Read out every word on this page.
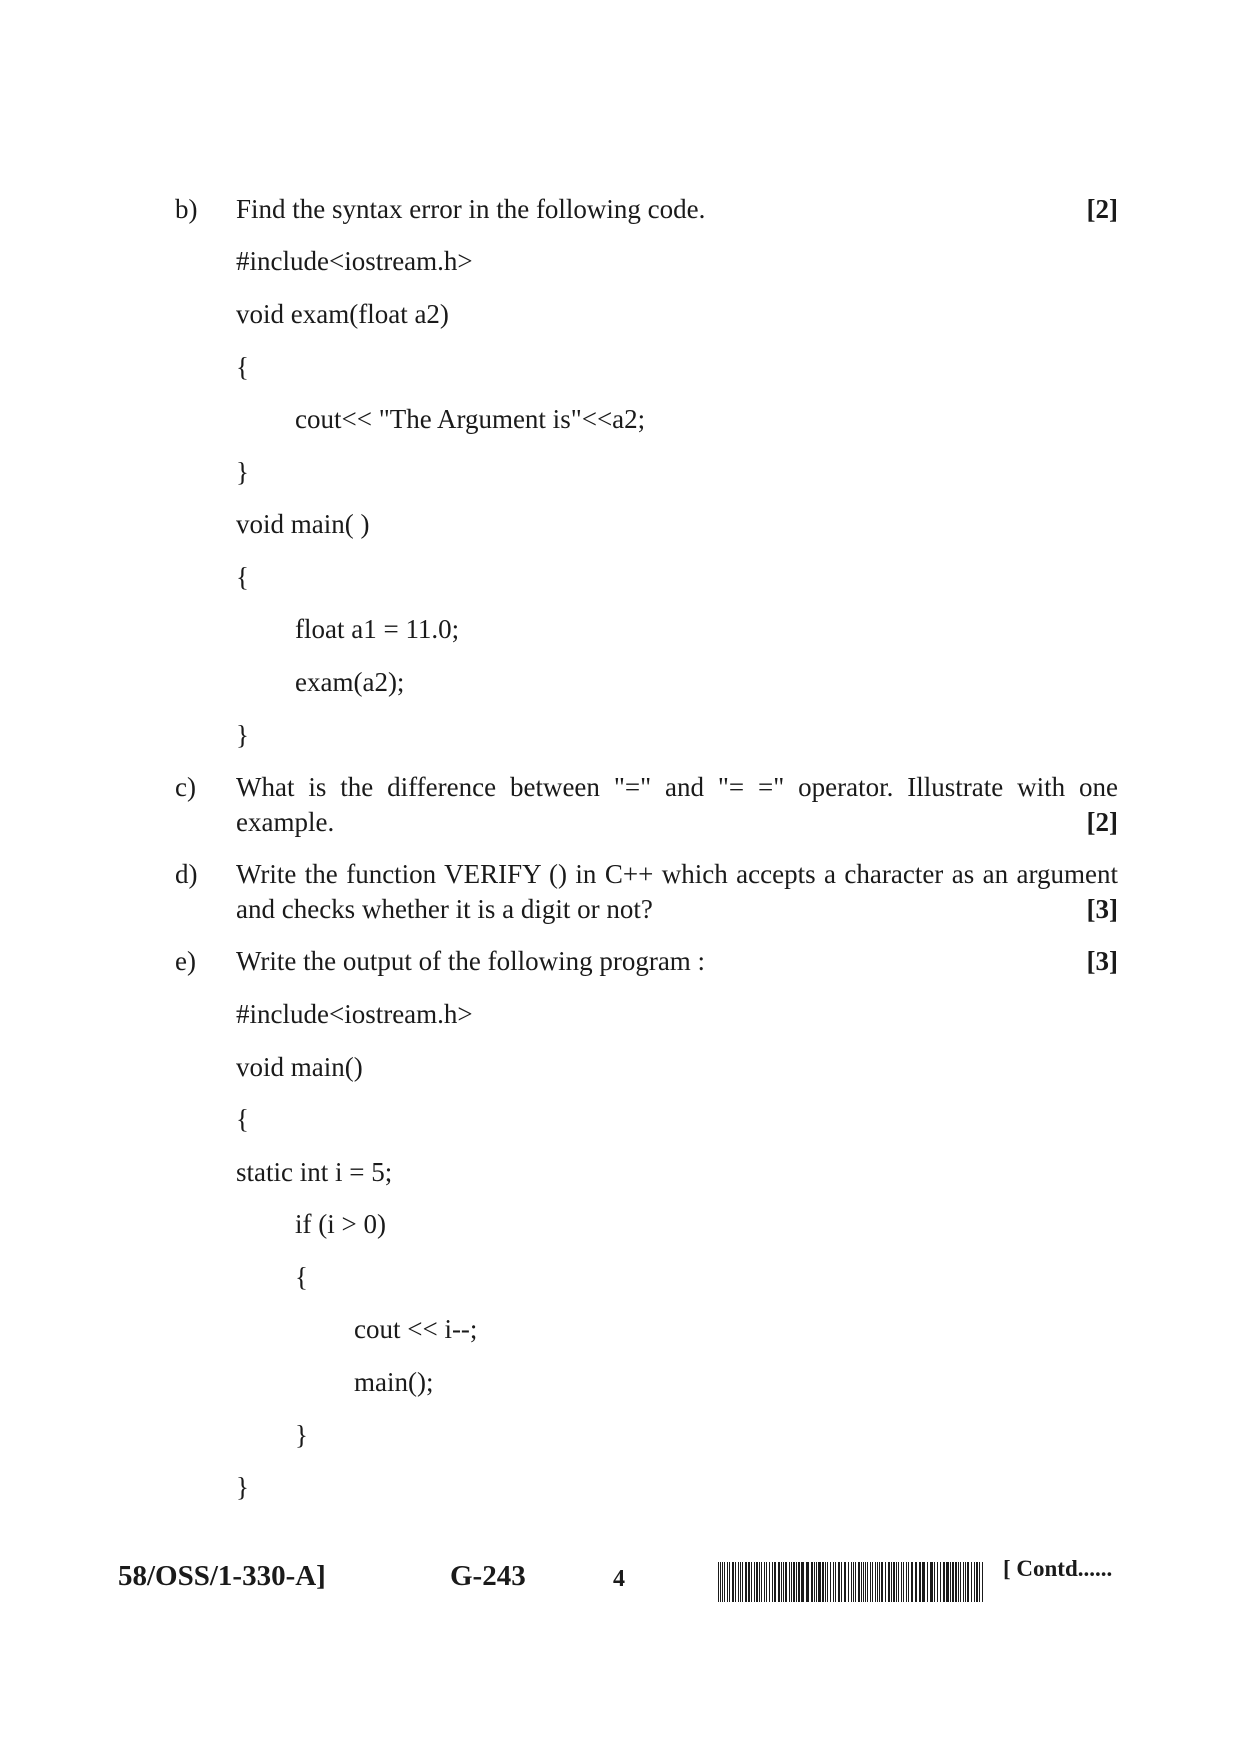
b)	Find the syntax error in the following code.	[2]
#include<iostream.h>
void exam(float a2)
{
cout<< "The Argument is"<<a2;
}
void main( )
{
float a1 = 11.0;
exam(a2);
}
c)	What is the difference between "=" and "= =" operator. Illustrate with one
example.	[2]
d)	Write the function VERIFY () in C++ which accepts a character as an argument
and checks whether it is a digit or not?	[3]
e)	Write the output of the following program :	[3]
#include<iostream.h>
void main()
{
static int i = 5;
if (i > 0)
{
cout << i--;
main();
}
}
58/OSS/1-330-A]	G-243	4	[ Contd......
